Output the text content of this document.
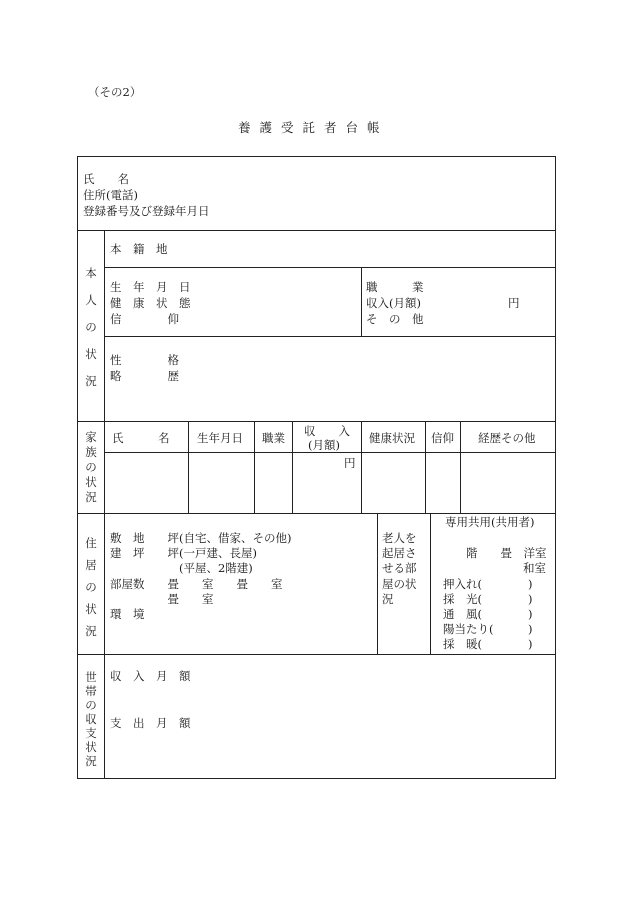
（その2）
養護受託者台帳
氏　　名
住所(電話)
登録番号及び登録年月日
本
人
の
状
況
本　籍　地
生　年　月　日
健　康　状　態
信　　　　仰
職　　　業
収入(月額)	円
そ　の　他
性　　　　格
略　　　　歴
家
族
の
状
況
氏　　　名 生年月日 職業 収　　入
(月額)	健康状況 信仰 経歴その他
円
住
居
の
状
況
敷　地　　坪(自宅、借家、その他)
建　坪　　坪(一戸建、長屋)
　　　　　　(平屋、2階建)
部屋数　　畳　　室　　畳　　室
　　　　　畳　　室
環　境
老人を
起居さ
せる部
屋の状
況
専用共用(共用者)
階　　畳　洋室
和室
押入れ(　　　　)
採　光(　　　　)
通　風(　　　　)
陽当たり(　　　)
採　暖(　　　　)
世
帯
の
収
支
状
況
収　入　月　額
支　出　月　額
